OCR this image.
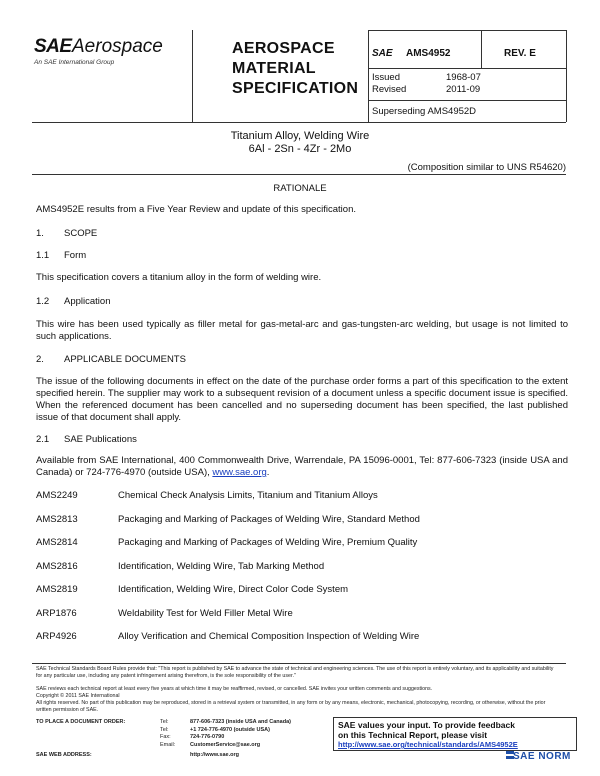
SAE Aerospace
An SAE International Group
AEROSPACE
MATERIAL
SPECIFICATION
SAE AMS4952	REV. E
Issued	1968-07
Revised	2011-09
Superseding AMS4952D
Titanium Alloy, Welding Wire
6Al - 2Sn - 4Zr - 2Mo
(Composition similar to UNS R54620)
RATIONALE
AMS4952E results from a Five Year Review and update of this specification.
1. SCOPE
1.1 Form
This specification covers a titanium alloy in the form of welding wire.
1.2 Application
This wire has been used typically as filler metal for gas-metal-arc and gas-tungsten-arc welding, but usage is not limited to such applications.
2. APPLICABLE DOCUMENTS
The issue of the following documents in effect on the date of the purchase order forms a part of this specification to the extent specified herein. The supplier may work to a subsequent revision of a document unless a specific document issue is specified. When the referenced document has been cancelled and no superseding document has been specified, the last published issue of that document shall apply.
2.1 SAE Publications
Available from SAE International, 400 Commonwealth Drive, Warrendale, PA 15096-0001, Tel: 877-606-7323 (inside USA and Canada) or 724-776-4970 (outside USA), www.sae.org.
AMS2249	Chemical Check Analysis Limits, Titanium and Titanium Alloys
AMS2813	Packaging and Marking of Packages of Welding Wire, Standard Method
AMS2814	Packaging and Marking of Packages of Welding Wire, Premium Quality
AMS2816	Identification, Welding Wire, Tab Marking Method
AMS2819	Identification, Welding Wire, Direct Color Code System
ARP1876	Weldability Test for Weld Filler Metal Wire
ARP4926	Alloy Verification and Chemical Composition Inspection of Welding Wire
SAE Technical Standards Board Rules provide that: "This report is published by SAE to advance the state of technical and engineering sciences. The use of this report is entirely voluntary, and its applicability and suitability for any particular use, including any patent infringement arising therefrom, is the sole responsibility of the user."
SAE reviews each technical report at least every five years at which time it may be reaffirmed, revised, or cancelled. SAE invites your written comments and suggestions.
Copyright © 2011 SAE International
All rights reserved. No part of this publication may be reproduced, stored in a retrieval system or transmitted, in any form or by any means, electronic, mechanical, photocopying, recording, or otherwise, without the prior written permission of SAE.
TO PLACE A DOCUMENT ORDER:	Tel:	877-606-7323 (inside USA and Canada)
Tel:	+1 724-776-4970 (outside USA)
Fax:	724-776-0790
Email:	CustomerService@sae.org
SAE WEB ADDRESS:	http://www.sae.org
SAE values your input. To provide feedback
on this Technical Report, please visit
http://www.sae.org/technical/standards/AMS4952E
SAE NORM
